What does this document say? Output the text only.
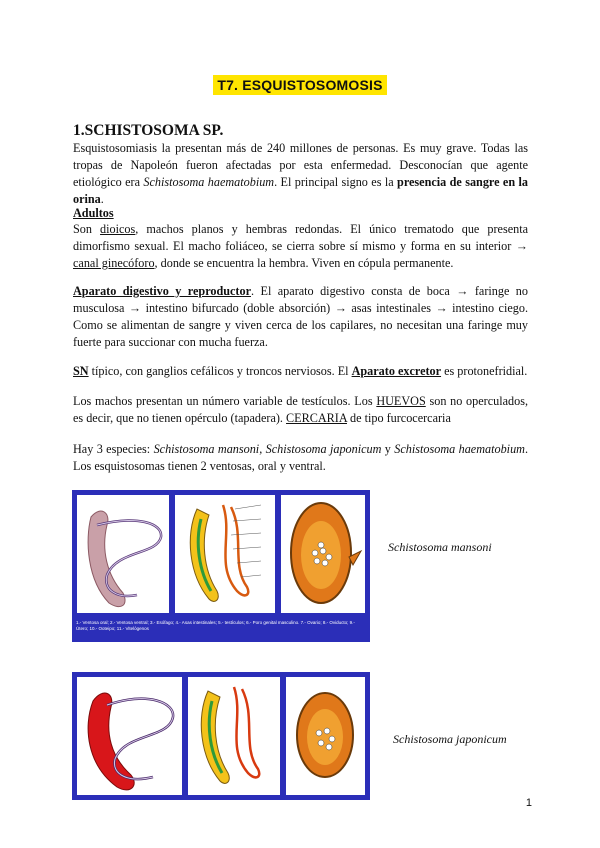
T7. ESQUISTOSOMOSIS
1.SCHISTOSOMA SP.
Esquistosomiasis la presentan más de 240 millones de personas. Es muy grave. Todas las tropas de Napoleón fueron afectadas por esta enfermedad. Desconocían que agente etiológico era Schistosoma haematobium. El principal signo es la presencia de sangre en la orina.
Adultos
Son dioicos, machos planos y hembras redondas. El único trematodo que presenta dimorfismo sexual. El macho foliáceo, se cierra sobre sí mismo y forma en su interior → canal ginecóforo, donde se encuentra la hembra. Viven en cópula permanente.
Aparato digestivo y reproductor. El aparato digestivo consta de boca → faringe no musculosa → intestino bifurcado (doble absorción) → asas intestinales → intestino ciego. Como se alimentan de sangre y viven cerca de los capilares, no necesitan una faringe muy fuerte para succionar con mucha fuerza.
SN típico, con ganglios cefálicos y troncos nerviosos. El Aparato excretor es protonefridial.
Los machos presentan un número variable de testículos. Los HUEVOS son no operculados, es decir, que no tienen opérculo (tapadera). CERCARIA de tipo furcocercaria
Hay 3 especies: Schistosoma mansoni, Schistosoma japonicum y Schistosoma haematobium. Los esquistosomas tienen 2 ventosas, oral y ventral.
1.- Ventosa oral; 2.- Ventosa ventral; 3.- Esófago; 4.- Asas intestinales; 5.- testículos; 6.- Poro genital masculino. 7.- Ovario; 8.- Oviducto; 9.- Útero; 10.- Ooteipo; 11.- Vitelógenos
Schistosoma mansoni
Schistosoma japonicum
1
